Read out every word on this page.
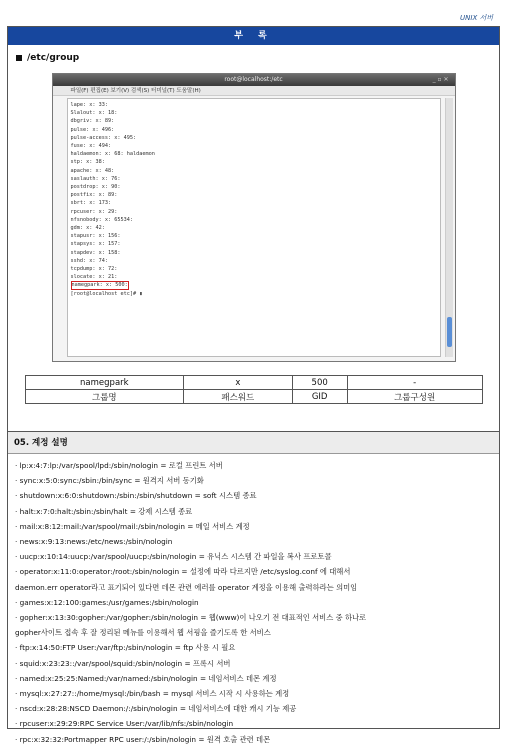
UNIX 서버
부 록
/etc/group
root@localhost:/etc	_ ▫ ✕
파일(F) 편집(E) 보기(V) 검색(S) 터미널(T) 도움말(H)
lape: x: 33:
Slalout: x: 18:
dbgriv: x: 89:
pulse: x: 496:
pulse-access: x: 495:
fuse: x: 494:
haldaemon: x: 68: haldaemon
stp: x: 38:
apache: x: 48:
saslauth: x: 76:
postdrop: x: 90:
postfix: x: 89:
sbrt: x: 173:
rpcuser: x: 29:
nfsnobody: x: 65534:
gdm: x: 42:
stapusr: x: 156:
stapsys: x: 157:
stapdev: x: 158:
sshd: x: 74:
tcpdump: x: 72:
slocate: x: 21:
namegpark: x: 500:
[root@localhost etc]# ▮
namegpark	x	500	-
그룹명	패스워드	GID	그룹구성원
05. 계정 설명
· lp:x:4:7:lp:/var/spool/lpd:/sbin/nologin = 로컬 프린트 서버
· sync:x:5:0:sync:/sbin:/bin/sync = 원격지 서버 동기화
· shutdown:x:6:0:shutdown:/sbin:/sbin/shutdown = soft 시스템 종료
· halt:x:7:0:halt:/sbin:/sbin/halt = 강제 시스템 종료
· mail:x:8:12:mail:/var/spool/mail:/sbin/nologin = 메일 서비스 계정
· news:x:9:13:news:/etc/news:/sbin/nologin
· uucp:x:10:14:uucp:/var/spool/uucp:/sbin/nologin = 유닉스 시스템 간 파일을 복사 프로토콜
· operator:x:11:0:operator:/root:/sbin/nologin = 설정에 따라 다르지만 /etc/syslog.conf 에 대해서
daemon.err operator라고 표기되어 있다면 데몬 관련 에러를 operator 계정을 이용해 출력하라는 의미임
· games:x:12:100:games:/usr/games:/sbin/nologin
· gopher:x:13:30:gopher:/var/gopher:/sbin/nologin = 웹(www)이 나오기 전 대표적인 서비스 중 하나로
gopher사이트 접속 후 잘 정리된 메뉴를 이용해서 웹 서핑을 즐기도록 한 서비스
· ftp:x:14:50:FTP User:/var/ftp:/sbin/nologin = ftp 사용 시 필요
· squid:x:23:23::/var/spool/squid:/sbin/nologin = 프록시 서버
· named:x:25:25:Named:/var/named:/sbin/nologin = 네임서비스 데몬 계정
· mysql:x:27:27::/home/mysql:/bin/bash = mysql 서비스 시작 시 사용하는 계정
· nscd:x:28:28:NSCD Daemon:/:/sbin/nologin = 네임서비스에 대한 캐시 기능 제공
· rpcuser:x:29:29:RPC Service User:/var/lib/nfs:/sbin/nologin
· rpc:x:32:32:Portmapper RPC user:/:/sbin/nologin = 원격 호출 관련 데몬
